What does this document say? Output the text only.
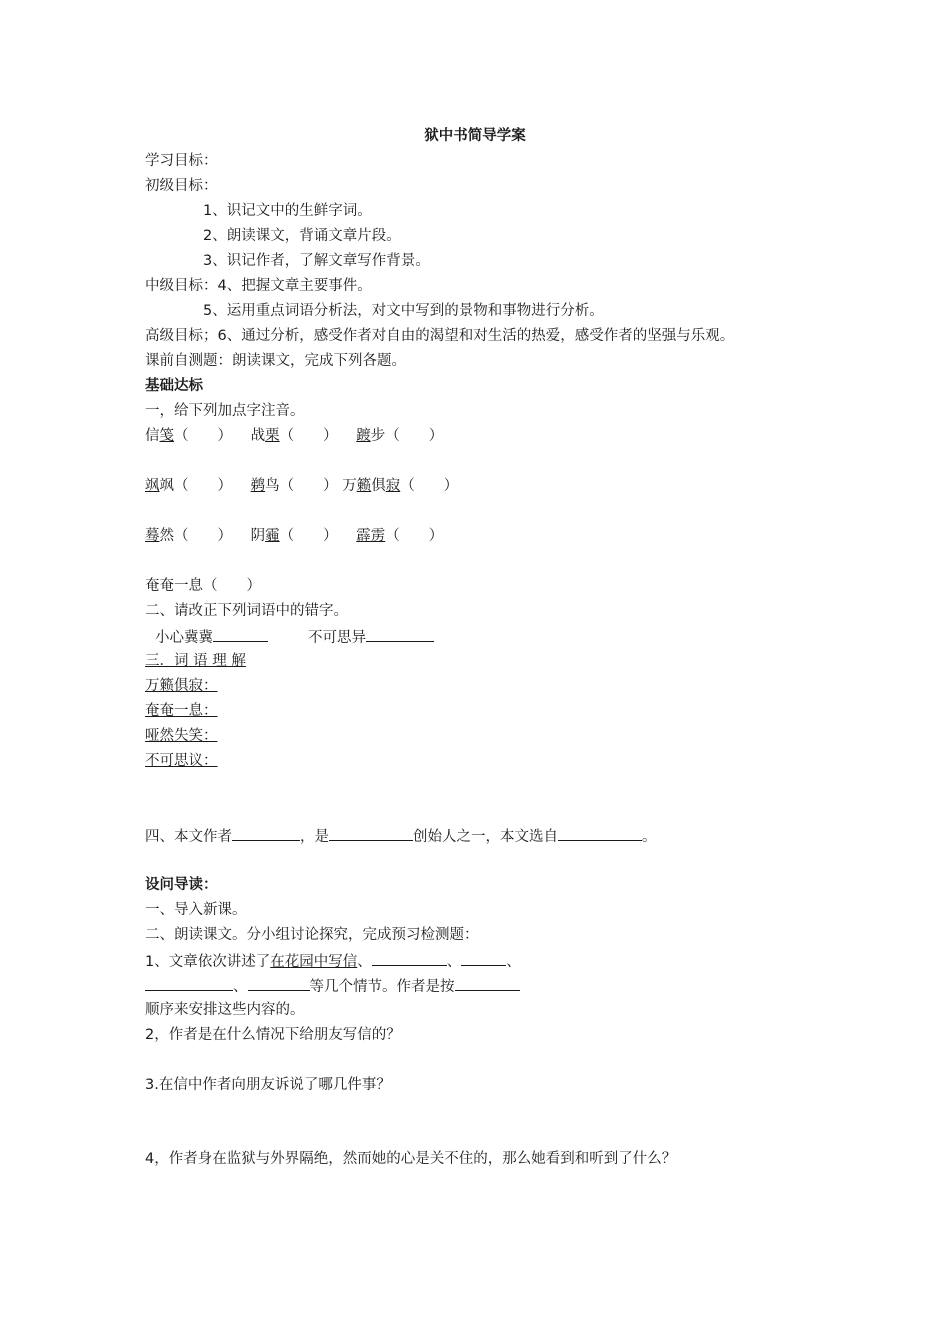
狱中书简导学案
学习目标：
初级目标：
1、识记文中的生鲜字词。
2、朗读课文，背诵文章片段。
3、识记作者，了解文章写作背景。
中级目标：4、把握文章主要事件。
5、运用重点词语分析法，对文中写到的景物和事物进行分析。
高级目标；6、通过分析，感受作者对自由的渴望和对生活的热爱，感受作者的坚强与乐观。
课前自测题：朗读课文，完成下列各题。
基础达标
一，给下列加点字注音。
信笺（　　） 战栗（　　） 踱步（　　）
飒飒（　　） 鹈鸟（　　） 万籁俱寂（　　）
蓦然（　　） 阴霾（　　） 霹雳（　　）
奄奄一息（　　）
二、请改正下列词语中的错字。
小心冀冀	不可思异
三．词 语 理 解
万籁俱寂：
奄奄一息：
哑然失笑：
不可思议：
四、本文作者	，是	创始人之一，本文选自	。
设问导读：
一、导入新课。
二、朗读课文。分小组讨论探究，完成预习检测题：
1、文章依次讲述了在花园中写信、	、	、
、	等几个情节。作者是按
顺序来安排这些内容的。
2，作者是在什么情况下给朋友写信的？
3.在信中作者向朋友诉说了哪几件事？
4，作者身在监狱与外界隔绝，然而她的心是关不住的，那么她看到和听到了什么？
